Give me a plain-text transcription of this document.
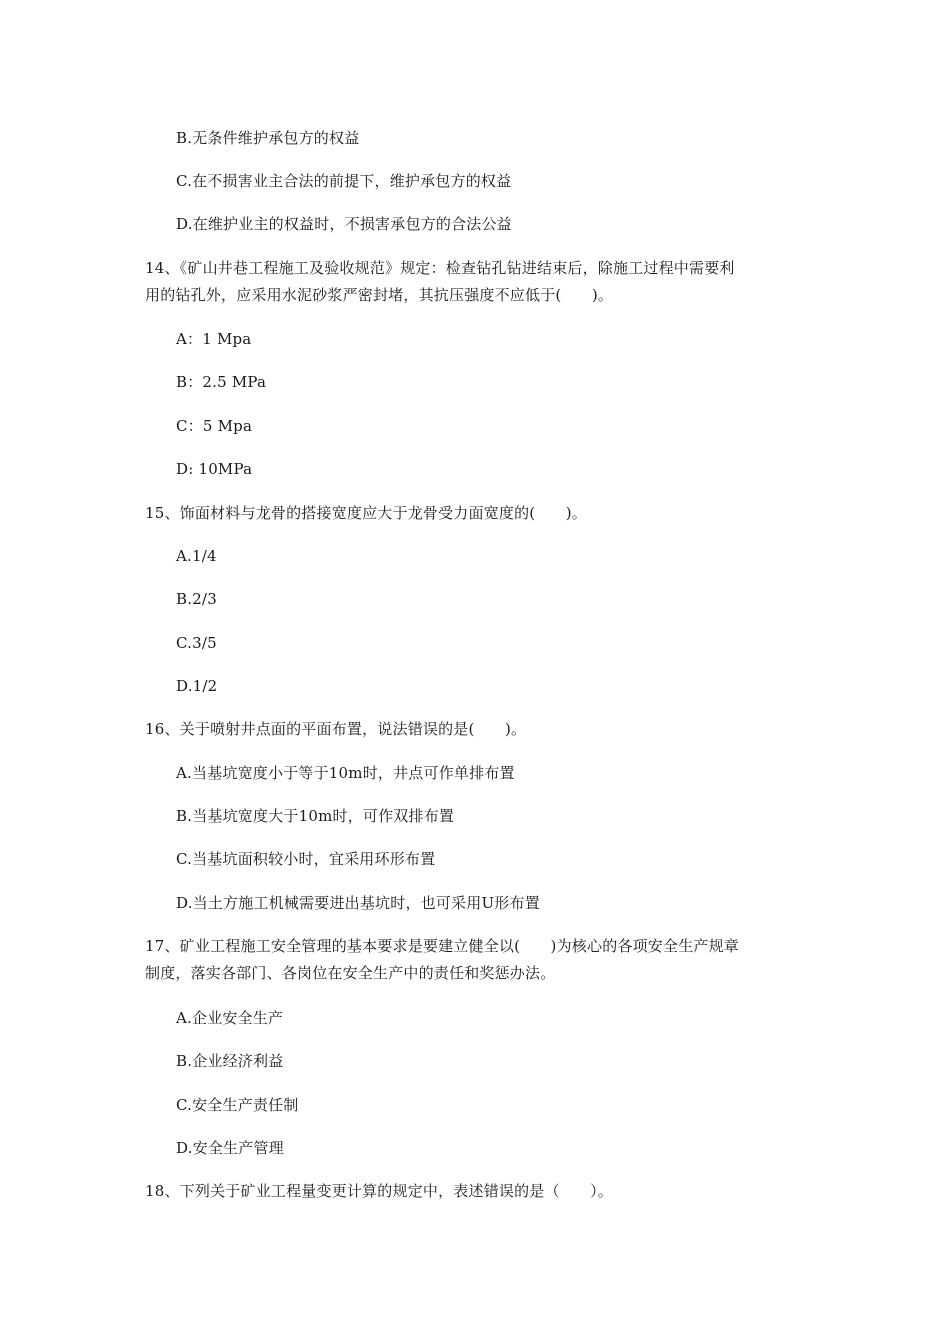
B.无条件维护承包方的权益
C.在不损害业主合法的前提下，维护承包方的权益
D.在维护业主的权益时，不损害承包方的合法公益
14、《矿山井巷工程施工及验收规范》规定：检查钻孔钻进结束后，除施工过程中需要利
用的钻孔外，应采用水泥砂浆严密封堵，其抗压强度不应低于(　　)。
A：1 Mpa
B：2.5 MPa
C：5 Mpa
D: 10MPa
15、饰面材料与龙骨的搭接宽度应大于龙骨受力面宽度的(　　)。
A.1/4
B.2/3
C.3/5
D.1/2
16、关于喷射井点面的平面布置，说法错误的是(　　)。
A.当基坑宽度小于等于10m时，井点可作单排布置
B.当基坑宽度大于10m时，可作双排布置
C.当基坑面积较小时，宜采用环形布置
D.当土方施工机械需要进出基坑时，也可采用U形布置
17、矿业工程施工安全管理的基本要求是要建立健全以(　　)为核心的各项安全生产规章
制度，落实各部门、各岗位在安全生产中的责任和奖惩办法。
A.企业安全生产
B.企业经济利益
C.安全生产责任制
D.安全生产管理
18、下列关于矿业工程量变更计算的规定中，表述错误的是（　　）。
